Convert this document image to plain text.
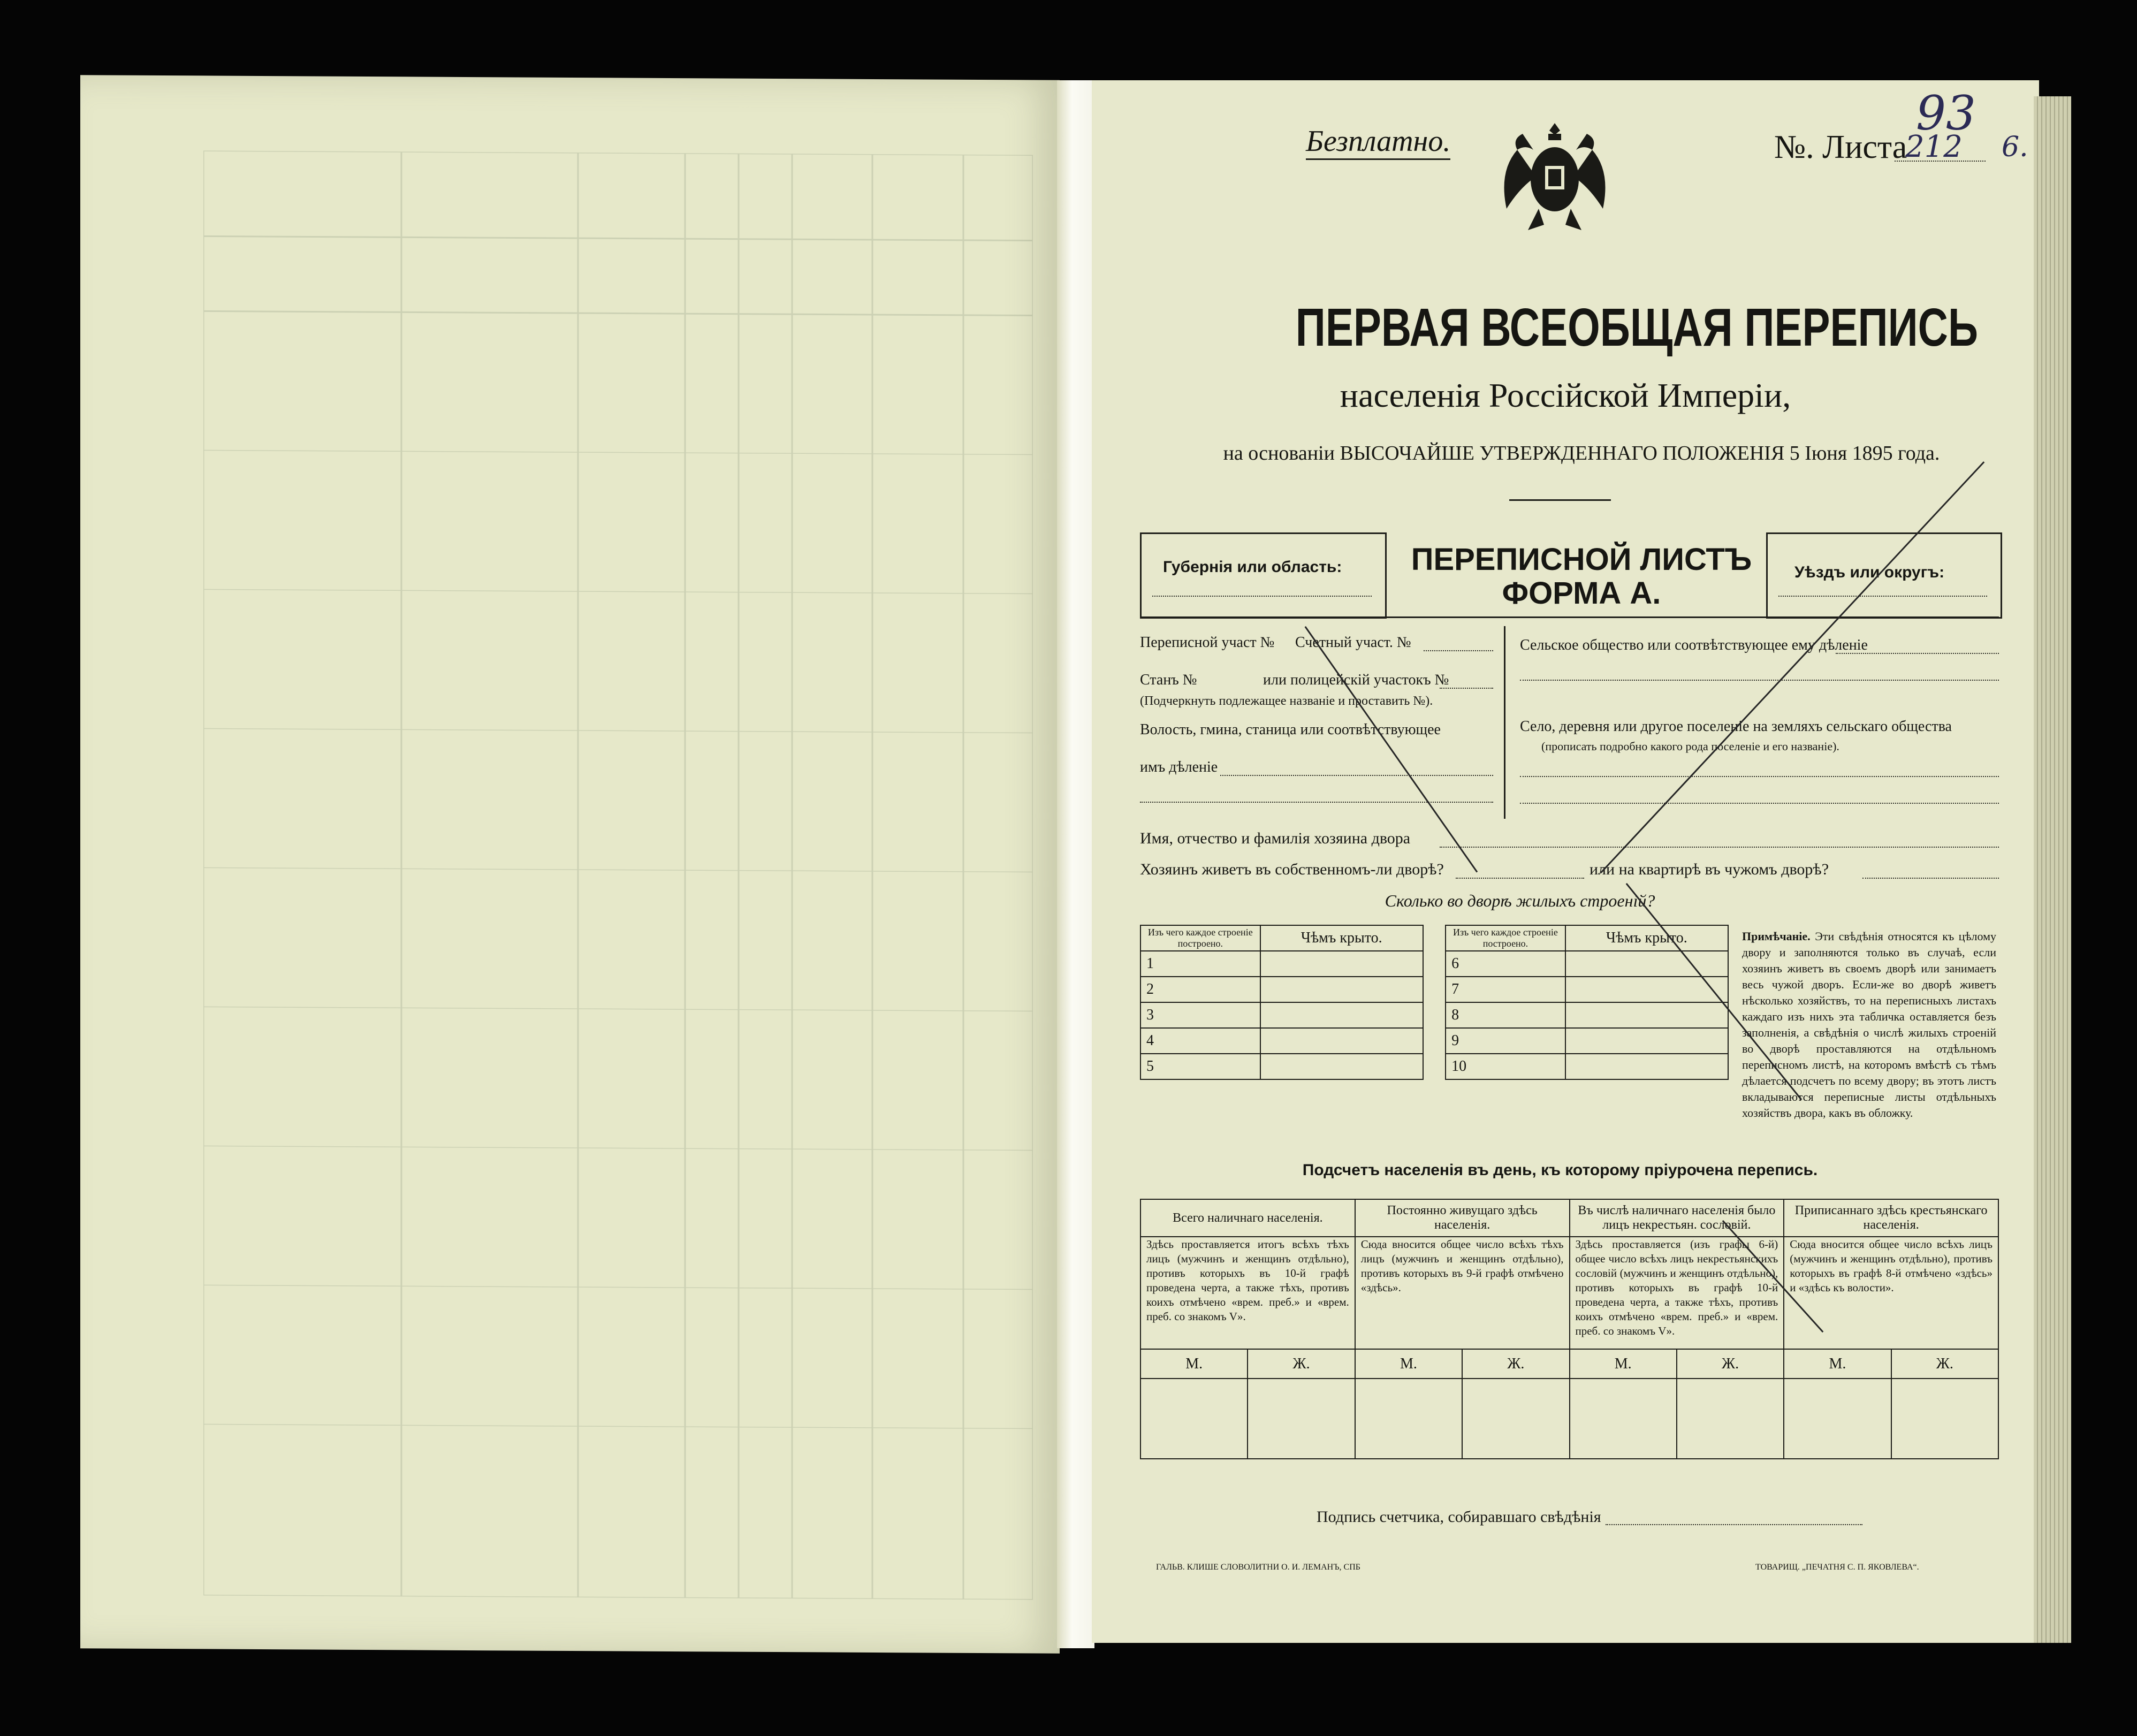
Безплатно.	№. Листа
212 6.
93
ПЕРВАЯ ВСЕОБЩАЯ ПЕРЕПИСЬ
населенія Россійской Имперіи,
на основаніи ВЫСОЧАЙШЕ УТВЕРЖДЕННАГО ПОЛОЖЕНІЯ 5 Іюня 1895 года.
Губернія или область:	ПЕРЕПИСНОЙ ЛИСТЪ
ФОРМА А.
Уѣздъ или округъ:
Переписной участ № Счетный участ. №
Станъ №	или полицейскій участокъ №
(Подчеркнуть подлежащее названіе и проставить №).
Волость, гмина, станица или соотвѣтствующее
имъ дѣленіе
Сельское общество или соотвѣтствующее ему дѣленіе
Село, деревня или другое поселеніе на земляхъ сельскаго общества
(прописать подробно какого рода поселеніе и его названіе).
Имя, отчество и фамилія хозяина двора
Хозяинъ живетъ въ собственномъ-ли дворѣ?	или на квартирѣ въ чужомъ дворѣ?
Сколько во дворѣ жилыхъ строеній?
Изъ чего каждое строеніе построено.	Чѣмъ крыто.		Изъ чего каждое строеніе построено.	Чѣмъ крыто.
1			6	
2			7	
3			8	
4			9	
5			10	
Примѣчаніе. Эти свѣдѣнія относятся къ цѣлому двору и заполняются только въ случаѣ, если хозяинъ живетъ въ своемъ дворѣ или занимаетъ весь чужой дворъ. Если-же во дворѣ живетъ нѣсколько хозяйствъ, то на переписныхъ листахъ каждаго изъ нихъ эта табличка оставляется безъ заполненія, а свѣдѣнія о числѣ жилыхъ строеній во дворѣ проставляются на отдѣльномъ переписномъ листѣ, на которомъ вмѣстѣ съ тѣмъ дѣлается подсчетъ по всему двору; въ этотъ листъ вкладываются переписные листы отдѣльныхъ хозяйствъ двора, какъ въ обложку.
Подсчетъ населенія въ день, къ которому пріурочена перепись.
Всего наличнаго населенія.		Постоянно живущаго здѣсь населенія.		Въ числѣ наличнаго населенія было лицъ некрестьян. сословій.		Приписаннаго здѣсь крестьянскаго населенія.	
Здѣсь проставляется итогъ всѣхъ тѣхъ лицъ (мужчинъ и женщинъ отдѣльно), противъ которыхъ въ 10-й графѣ проведена черта, а также тѣхъ, противъ коихъ отмѣчено «врем. преб.» и «врем. преб. со знакомъ V».		Сюда вносится общее число всѣхъ тѣхъ лицъ (мужчинъ и женщинъ отдѣльно), противъ которыхъ въ 9-й графѣ отмѣчено «здѣсь».		Здѣсь проставляется (изъ графы 6-й) общее число всѣхъ лицъ некрестьянскихъ сословій (мужчинъ и женщинъ отдѣльно), противъ которыхъ въ графѣ 10-й проведена черта, а также тѣхъ, противъ коихъ отмѣчено «врем. преб.» и «врем. преб. со знакомъ V».		Сюда вносится общее число всѣхъ лицъ (мужчинъ и женщинъ отдѣльно), противъ которыхъ въ графѣ 8-й отмѣчено «здѣсь» и «здѣсь къ волости».	
М.	Ж.	М.	Ж.	М.	Ж.	М.	Ж.

Подпись счетчика, собиравшаго свѣдѣнія
ГАЛЬВ. КЛИШЕ СЛОВОЛИТНИ О. И. ЛЕМАНЪ, СПБ	ТОВАРИЩ. „ПЕЧАТНЯ С. П. ЯКОВЛЕВА“.
